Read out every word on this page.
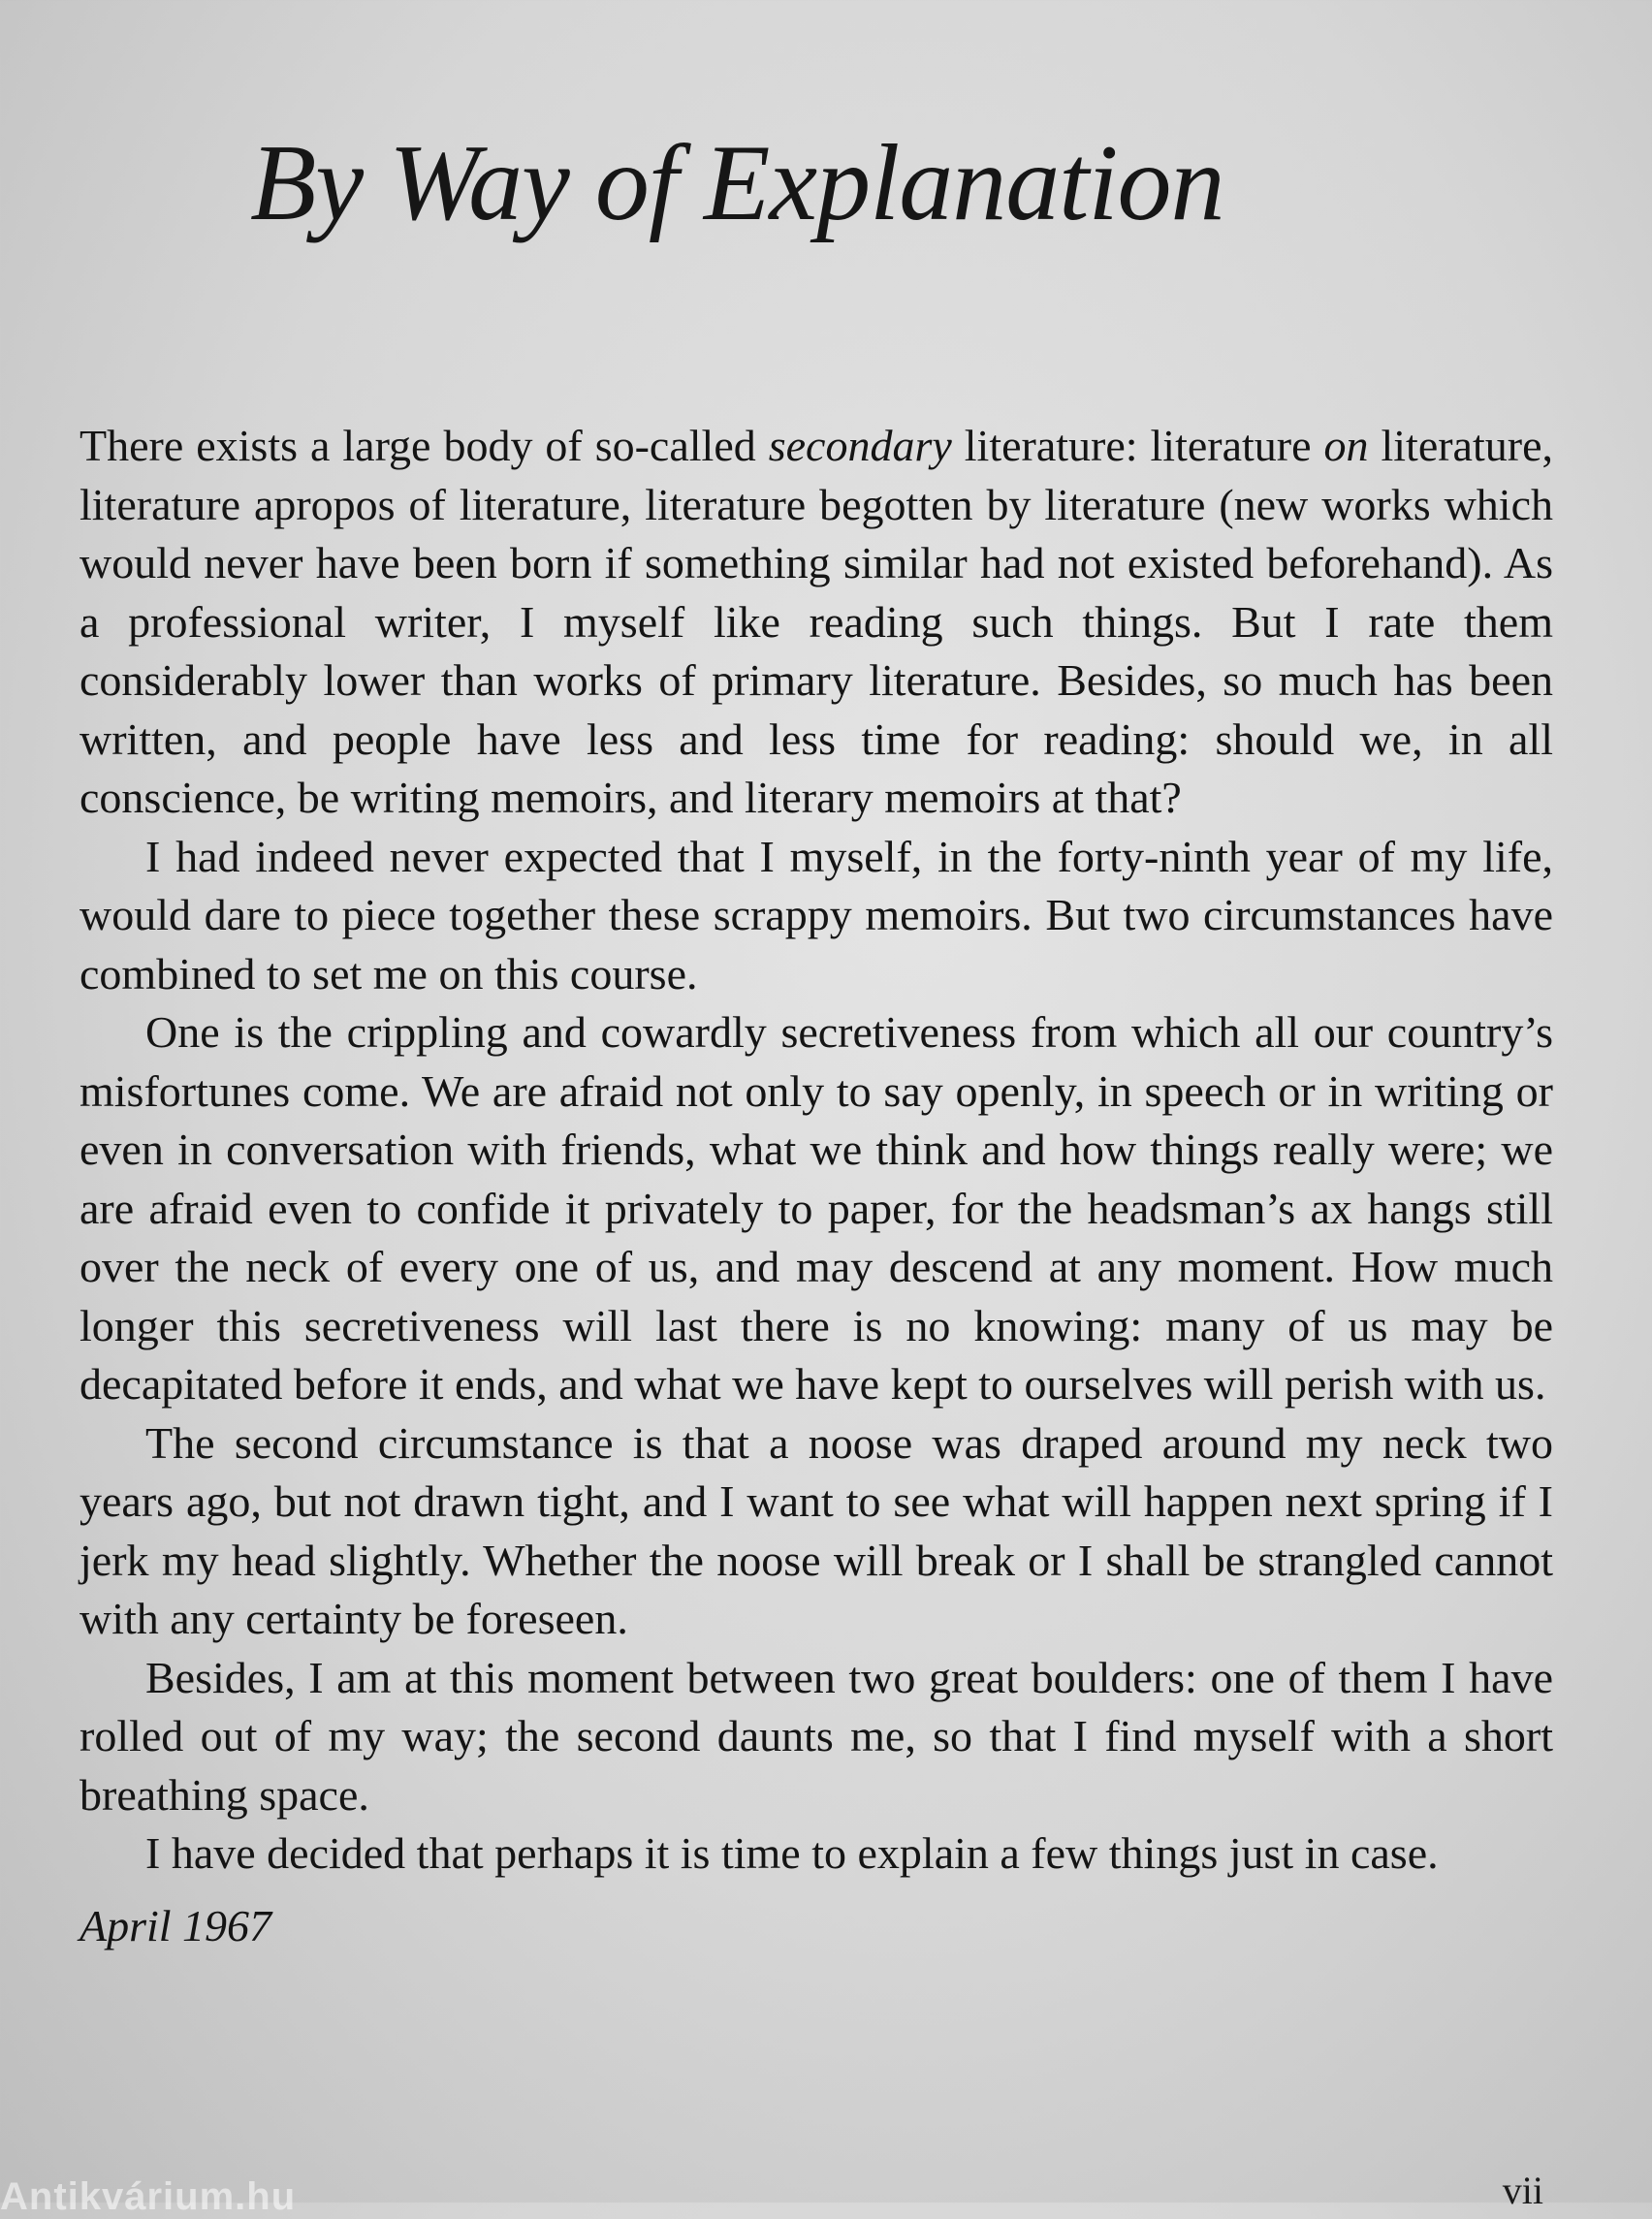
By Way of Explanation

There exists a large body of so-called secondary literature: literature on literature, literature apropos of literature, literature begotten by literature (new works which would never have been born if something similar had not existed beforehand). As a professional writer, I myself like reading such things. But I rate them considerably lower than works of primary literature. Besides, so much has been written, and people have less and less time for reading: should we, in all conscience, be writing memoirs, and literary memoirs at that?

I had indeed never expected that I myself, in the forty-ninth year of my life, would dare to piece together these scrappy memoirs. But two circumstances have combined to set me on this course.

One is the crippling and cowardly secretiveness from which all our country’s misfortunes come. We are afraid not only to say openly, in speech or in writing or even in conversation with friends, what we think and how things really were; we are afraid even to confide it privately to paper, for the headsman’s ax hangs still over the neck of every one of us, and may descend at any moment. How much longer this secretiveness will last there is no knowing: many of us may be decapitated before it ends, and what we have kept to ourselves will perish with us.

The second circumstance is that a noose was draped around my neck two years ago, but not drawn tight, and I want to see what will happen next spring if I jerk my head slightly. Whether the noose will break or I shall be strangled cannot with any certainty be foreseen.

Besides, I am at this moment between two great boulders: one of them I have rolled out of my way; the second daunts me, so that I find myself with a short breathing space.

I have decided that perhaps it is time to explain a few things just in case.

April 1967

vii
Antikvárium.hu
